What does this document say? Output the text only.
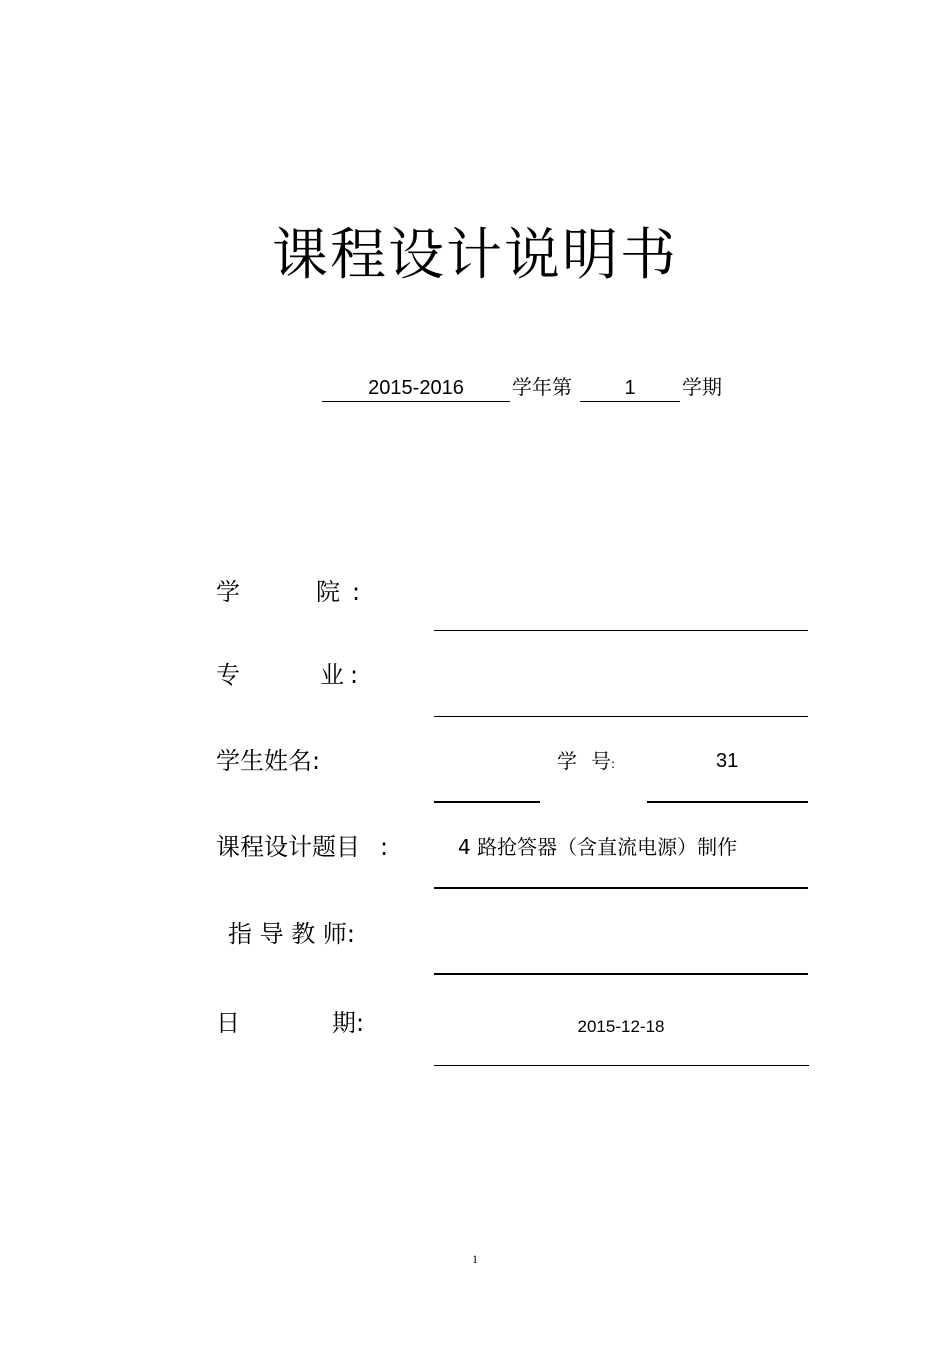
课程设计说明书
2015-2016	学年第	1	学期
学	院 :
专	业 :
学生姓名:	学 号:	31
课程设计题目 :	4 路抢答器（含直流电源）制作
指 导 教 师:
日	期:	2015-12-18
1
